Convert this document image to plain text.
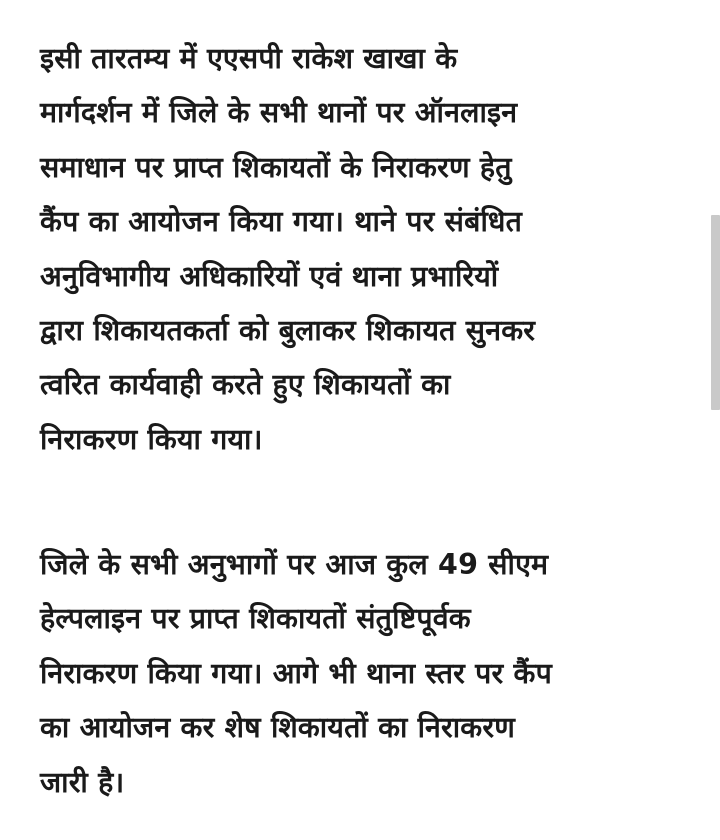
इसी तारतम्य में एएसपी राकेश खाखा के
मार्गदर्शन में जिले के सभी थानों पर ऑनलाइन
समाधान पर प्राप्त शिकायतों के निराकरण हेतु
कैंप का आयोजन किया गया। थाने पर संबंधित
अनुविभागीय अधिकारियों एवं थाना प्रभारियों
द्वारा शिकायतकर्ता को बुलाकर शिकायत सुनकर
त्वरित कार्यवाही करते हुए शिकायतों का
निराकरण किया गया।

जिले के सभी अनुभागों पर आज कुल 49 सीएम
हेल्पलाइन पर प्राप्त शिकायतों संतुष्टिपूर्वक
निराकरण किया गया। आगे भी थाना स्तर पर कैंप
का आयोजन कर शेष शिकायतों का निराकरण
जारी है।
